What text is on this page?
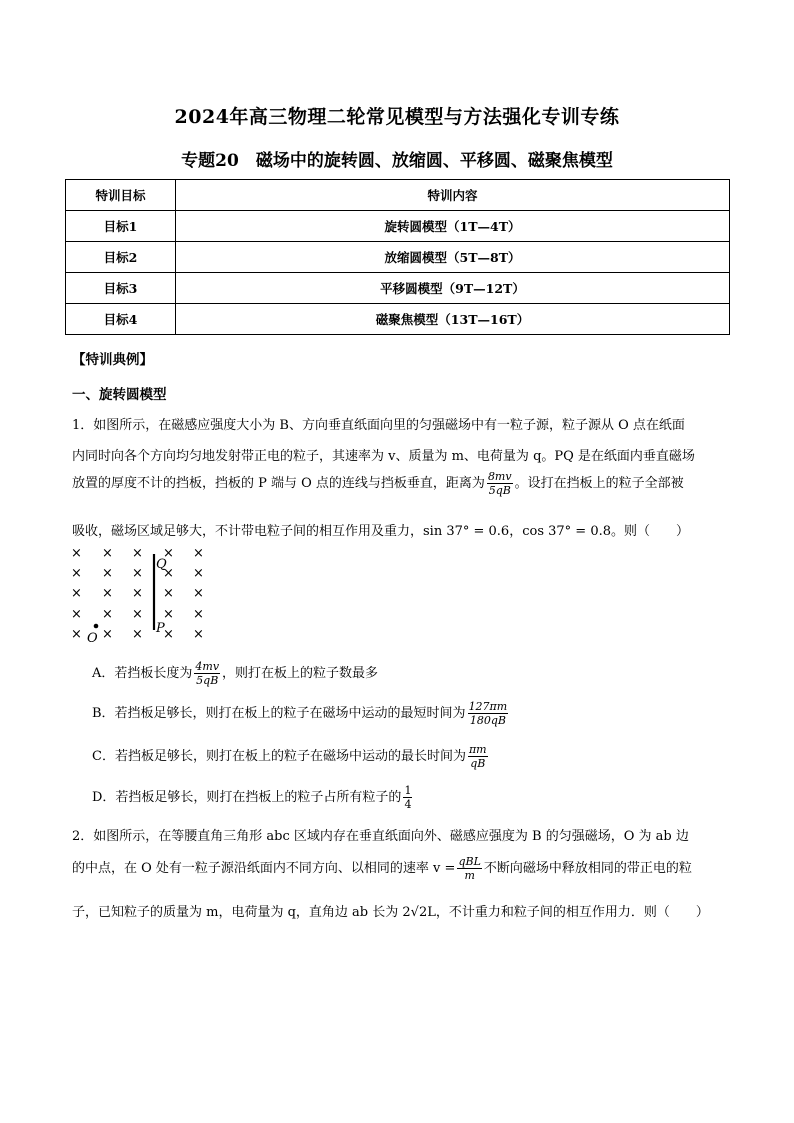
2024年高三物理二轮常见模型与方法强化专训专练
专题20　磁场中的旋转圆、放缩圆、平移圆、磁聚焦模型
特训目标	特训内容
目标1	旋转圆模型（1T—4T）
目标2	放缩圆模型（5T—8T）
目标3	平移圆模型（9T—12T）
目标4	磁聚焦模型（13T—16T）
【特训典例】
一、旋转圆模型
1．如图所示，在磁感应强度大小为 B、方向垂直纸面向里的匀强磁场中有一粒子源，粒子源从 O 点在纸面
内同时向各个方向均匀地发射带正电的粒子，其速率为 v、质量为 m、电荷量为 q。PQ 是在纸面内垂直磁场
放置的厚度不计的挡板，挡板的 P 端与 O 点的连线与挡板垂直，距离为 $\frac{8mv}{5qB}$ 。设打在挡板上的粒子全部被
吸收，磁场区域足够大，不计带电粒子间的相互作用及重力，sin 37° = 0.6，cos 37° = 0.8。则（　　）
× × × × ×
× × × × ×
× × × × ×
× × × × ×
× × × × ×
Q
P
O
A．若挡板长度为 $\frac{4mv}{5qB}$ ，则打在板上的粒子数最多
B．若挡板足够长，则打在板上的粒子在磁场中运动的最短时间为 $\frac{127\pi m}{180qB}$
C．若挡板足够长，则打在板上的粒子在磁场中运动的最长时间为 $\frac{\pi m}{qB}$
D．若挡板足够长，则打在挡板上的粒子占所有粒子的 $\frac{1}{4}$
2．如图所示，在等腰直角三角形 abc 区域内存在垂直纸面向外、磁感应强度为 B 的匀强磁场，O 为 ab 边
的中点，在 O 处有一粒子源沿纸面内不同方向、以相同的速率 $v = \frac{\text{qBL}}{m}$ 不断向磁场中释放相同的带正电的粒
子，已知粒子的质量为 m，电荷量为 q，直角边 ab 长为 2√2L，不计重力和粒子间的相互作用力．则（　　）
